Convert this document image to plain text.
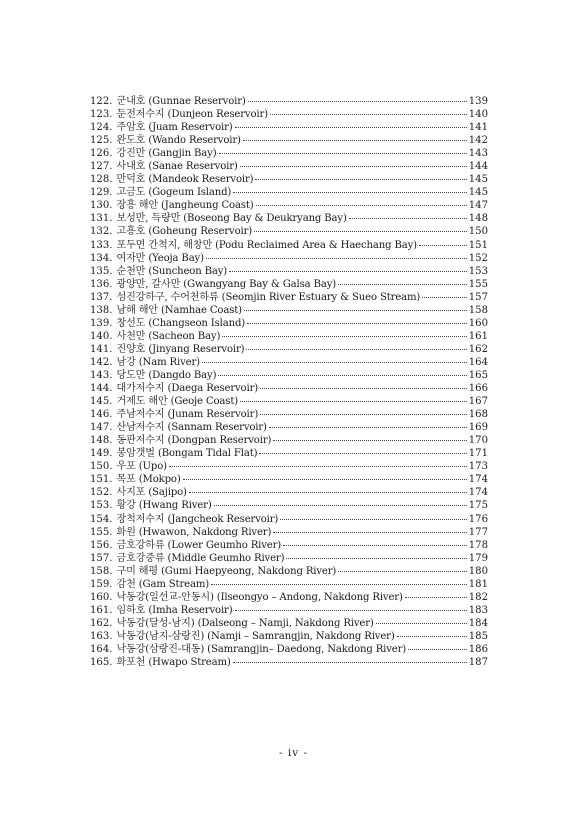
122. 군내호 (Gunnae Reservoir)	139
123. 둔전저수지 (Dunjeon Reservoir)	140
124. 주암호 (Juam Reservoir)	141
125. 완도호 (Wando Reservoir)	142
126. 강진만 (Gangjin Bay)	143
127. 사내호 (Sanae Reservoir)	144
128. 만덕호 (Mandeok Reservoir)	145
129. 고금도 (Gogeum Island)	145
130. 장흥 해안 (Jangheung Coast)	147
131. 보성만, 득량만 (Boseong Bay & Deukryang Bay)	148
132. 고흥호 (Goheung Reservoir)	150
133. 포두면 간척지, 해창만 (Podu Reclaimed Area & Haechang Bay)	151
134. 여자만 (Yeoja Bay)	152
135. 순천만 (Suncheon Bay)	153
136. 광양만, 갈사만 (Gwangyang Bay & Galsa Bay)	155
137. 섬진강하구, 수어천하류 (Seomjin River Estuary & Sueo Stream)	157
138. 남해 해안 (Namhae Coast)	158
139. 창선도 (Changseon Island)	160
140. 사천만 (Sacheon Bay)	161
141. 진양호 (Jinyang Reservoir)	162
142. 남강 (Nam River)	164
143. 당도만 (Dangdo Bay)	165
144. 대가저수지 (Daega Reservoir)	166
145. 거제도 해안 (Geoje Coast)	167
146. 주남저수지 (Junam Reservoir)	168
147. 산남저수지 (Sannam Reservoir)	169
148. 동판저수지 (Dongpan Reservoir)	170
149. 봉암갯벌 (Bongam Tidal Flat)	171
150. 우포 (Upo)	173
151. 목포 (Mokpo)	174
152. 사지포 (Sajipo)	174
153. 황강 (Hwang River)	175
154. 장척저수지 (Jangcheok Reservoir)	176
155. 화원 (Hwawon, Nakdong River)	177
156. 금호강하류 (Lower Geumho River)	178
157. 금호강중류 (Middle Geumho River)	179
158. 구미 해평 (Gumi Haepyeong, Nakdong River)	180
159. 감천 (Gam Stream)	181
160. 낙동강(일선교-안동시) (Ilseongyo – Andong, Nakdong River)	182
161. 임하호 (Imha Reservoir)	183
162. 낙동강(달성-남지) (Dalseong – Namji, Nakdong River)	184
163. 낙동강(남지-삼랑진) (Namji – Samrangjin, Nakdong River)	185
164. 낙동강(삼랑진-대동) (Samrangjin– Daedong, Nakdong River)	186
165. 화포천 (Hwapo Stream)	187
- iv -
